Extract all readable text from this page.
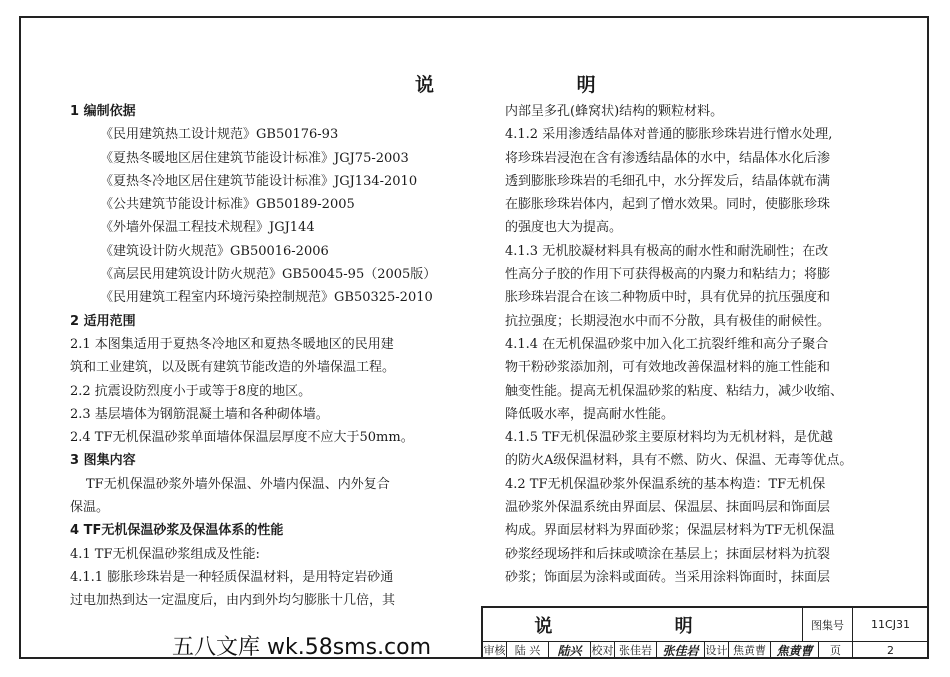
说 明

1 编制依据

《民用建筑热工设计规范》GB50176-93

《夏热冬暖地区居住建筑节能设计标准》JGJ75-2003

《夏热冬冷地区居住建筑节能设计标准》JGJ134-2010

《公共建筑节能设计标准》GB50189-2005

《外墙外保温工程技术规程》JGJ144

《建筑设计防火规范》GB50016-2006

《高层民用建筑设计防火规范》GB50045-95（2005版）

《民用建筑工程室内环境污染控制规范》GB50325-2010

2 适用范围

2.1 本图集适用于夏热冬冷地区和夏热冬暖地区的民用建

筑和工业建筑，以及既有建筑节能改造的外墙保温工程。

2.2 抗震设防烈度小于或等于8度的地区。

2.3 基层墙体为钢筋混凝土墙和各种砌体墙。

2.4 TF无机保温砂浆单面墙体保温层厚度不应大于50mm。

3 图集内容

TF无机保温砂浆外墙外保温、外墙内保温、内外复合

保温。

4 TF无机保温砂浆及保温体系的性能

4.1 TF无机保温砂浆组成及性能:

4.1.1 膨胀珍珠岩是一种轻质保温材料，是用特定岩砂通

过电加热到达一定温度后，由内到外均匀膨胀十几倍，其

内部呈多孔(蜂窝状)结构的颗粒材料。

4.1.2 采用渗透结晶体对普通的膨胀珍珠岩进行憎水处理,

将珍珠岩浸泡在含有渗透结晶体的水中，结晶体水化后渗

透到膨胀珍珠岩的毛细孔中，水分挥发后，结晶体就布满

在膨胀珍珠岩体内，起到了憎水效果。同时，使膨胀珍珠

的强度也大为提高。

4.1.3 无机胶凝材料具有极高的耐水性和耐洗刷性；在改

性高分子胶的作用下可获得极高的内聚力和粘结力；将膨

胀珍珠岩混合在该二种物质中时，具有优异的抗压强度和

抗拉强度；长期浸泡水中而不分散，具有极佳的耐候性。

4.1.4 在无机保温砂浆中加入化工抗裂纤维和高分子聚合

物干粉砂浆添加剂，可有效地改善保温材料的施工性能和

触变性能。提高无机保温砂浆的粘度、粘结力，减少收缩、

降低吸水率，提高耐水性能。

4.1.5 TF无机保温砂浆主要原材料均为无机材料，是优越

的防火A级保温材料，具有不燃、防火、保温、无毒等优点。

4.2 TF无机保温砂浆外保温系统的基本构造：TF无机保

温砂浆外保温系统由界面层、保温层、抹面吗层和饰面层

构成。界面层材料为界面砂浆；保温层材料为TF无机保温

砂浆经现场拌和后抹或喷涂在基层上；抹面层材料为抗裂

砂浆；饰面层为涂料或面砖。当采用涂料饰面时，抹面层

说 明	图集号	11CJ31
审核 陆 兴	陆兴 校对 张佳岩 张佳岩 设计 焦黄曹 焦黄曹	页	2
五八文库 wk.58sms.com
